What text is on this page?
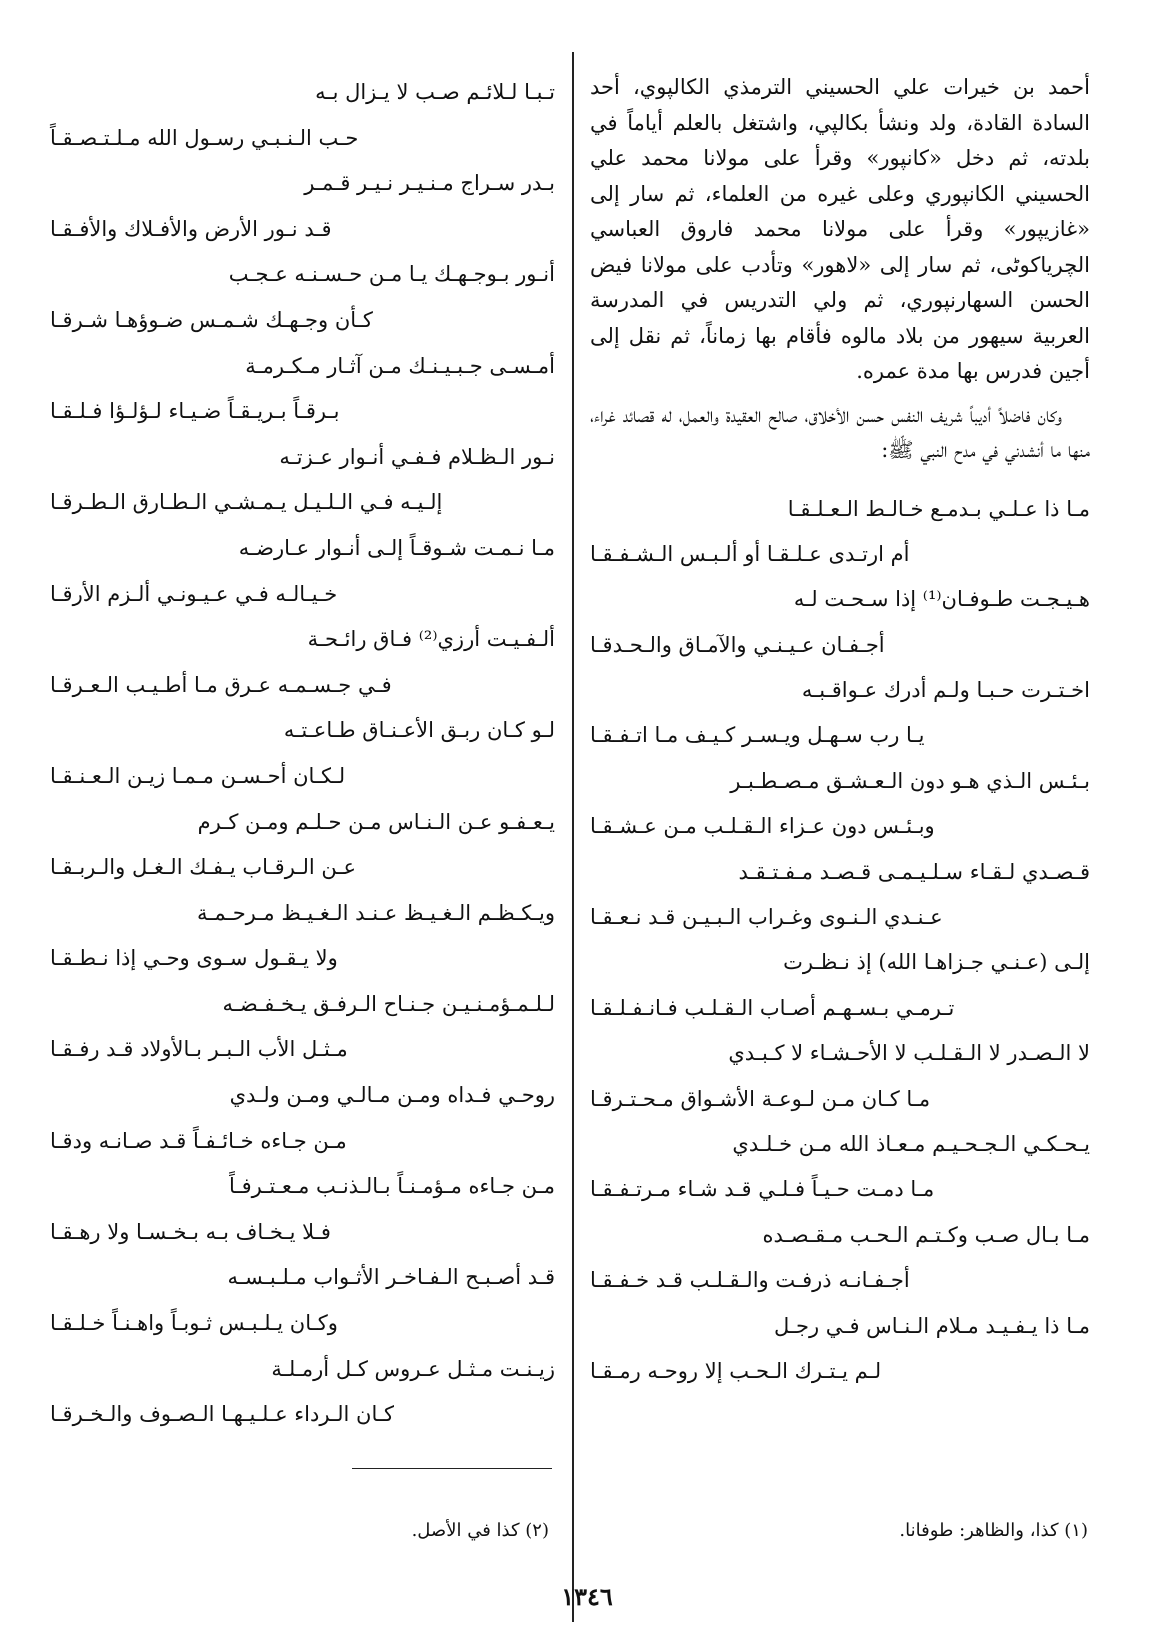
أحمد بن خيرات علي الحسيني الترمذي الكالپوي، أحد السادة القادة، ولد ونشأ بكالپي، واشتغل بالعلم أياماً في بلدته، ثم دخل «كانپور» وقرأ على مولانا محمد علي الحسيني الكانپوري وعلى غيره من العلماء، ثم سار إلى «غازيپور» وقرأ على مولانا محمد فاروق العباسي الچرياكوٹی، ثم سار إلى «لاهور» وتأدب على مولانا فيض الحسن السهارنپوري، ثم ولي التدريس في المدرسة العربية سيهور من بلاد مالوه فأقام بها زماناً، ثم نقل إلى أجين فدرس بها مدة عمره.

وكان فاضلاً أديباً شريف النفس حسن الأخلاق، صالح العقيدة والعمل، له قصائد غراء، منها ما أنشدني في مدح النبي ﷺ:

مـا ذا عـلـي بـدمـع خـالـط الـعـلـقـا
أم ارتـدى عـلـقـا أو ألـبـس الـشـفـقـا
هـيـجـت طـوفـان⁽¹⁾ إذا سـحـت لـه
أجـفـان عـيـنـي والآمـاق والـحـدقـا
اخـتـرت حـبـا ولـم أدرك عـواقـبـه
يـا رب سـهـل ويـسـر كـيـف مـا اتـفـقـا
بـئـس الـذي هـو دون الـعـشـق مـصـطـبـر
وبـئـس دون عـزاء الـقـلـب مـن عـشـقـا
قـصـدي لـقـاء سـلـيـمـى قـصـد مـفـتـقـد
عـنـدي الـنـوى وغـراب الـبـيـن قـد نـعـقـا
إلـى (عـنـي جـزاهـا الله) إذ نـظـرت
تـرمـي بـسـهـم أصـاب الـقـلـب فـانـفـلـقـا
لا الـصـدر لا الـقـلـب لا الأحـشـاء لا كـبـدي
مـا كـان مـن لـوعـة الأشـواق مـحـتـرقـا
يـحـكـي الـجـحـيـم مـعـاذ الله مـن خـلـدي
مـا دمـت حـيـاً فـلـي قـد شـاء مـرتـفـقـا
مـا بـال صـب وكـتـم الـحـب مـقـصـده
أجـفـانـه ذرفـت والـقـلـب قـد خـفـقـا
مـا ذا يـفـيـد مـلام الـنـاس فـي رجـل
لـم يـتـرك الـحـب إلا روحـه رمـقـا
تـبـا لـلائـم صـب لا يـزال بـه
حـب الـنـبـي رسـول الله مـلـتـصـقـاً
بـدر سـراج مـنـيـر نـيـر قـمـر
قـد نـور الأرض والأفـلاك والأفـقـا
أنـور بـوجـهـك يـا مـن حـسـنـه عـجـب
كـأن وجـهـك شـمـس ضـوؤهـا شـرقـا
أمـسـى جـبـيـنـك مـن آثـار مـكـرمـة
بـرقـاً بـريـقـاً ضـيـاء لـؤلـؤا فـلـقـا
نـور الـظـلام فـفـي أنـوار عـزتـه
إلـيـه فـي الـلـيـل يـمـشـي الـطـارق الـطـرقـا
مـا نـمـت شـوقـاً إلـى أنـوار عـارضـه
خـيـالـه فـي عـيـونـي ألـزم الأرقـا
ألـفـيـت أرزي⁽²⁾ فـاق رائـحـة
فـي جـسـمـه عـرق مـا أطـيـب الـعـرقـا
لـو كـان ربـق الأعـنـاق طـاعـتـه
لـكـان أحـسـن مـمـا زيـن الـعـنـقـا
يـعـفـو عـن الـنـاس مـن حـلـم ومـن كـرم
عـن الـرقـاب يـفـك الـغـل والـربـقـا
ويـكـظـم الـغـيـظ عـنـد الـغـيـظ مـرحـمـة
ولا يـقـول سـوى وحـي إذا نـطـقـا
لـلـمـؤمـنـيـن جـنـاح الـرفـق يـخـفـضـه
مـثـل الأب الـبـر بـالأولاد قـد رفـقـا
روحـي فـداه ومـن مـالـي ومـن ولـدي
مـن جـاءه خـائـفـاً قـد صـانـه ودقـا
مـن جـاءه مـؤمـنـاً بـالـذنـب مـعـتـرفـاً
فـلا يـخـاف بـه بـخـسـا ولا رهـقـا
قـد أصـبـح الـفـاخـر الأثـواب مـلـبـسـه
وكـان يـلـبـس ثـوبـاً واهـنـاً خـلـقـا
زيـنـت مـثـل عـروس كـل أرمـلـة
كـان الـرداء عـلـيـهـا الـصـوف والـخـرقـا
(١) كذا، والظاهر: طوفانا.
(٢) كذا في الأصل.
١٣٤٦
